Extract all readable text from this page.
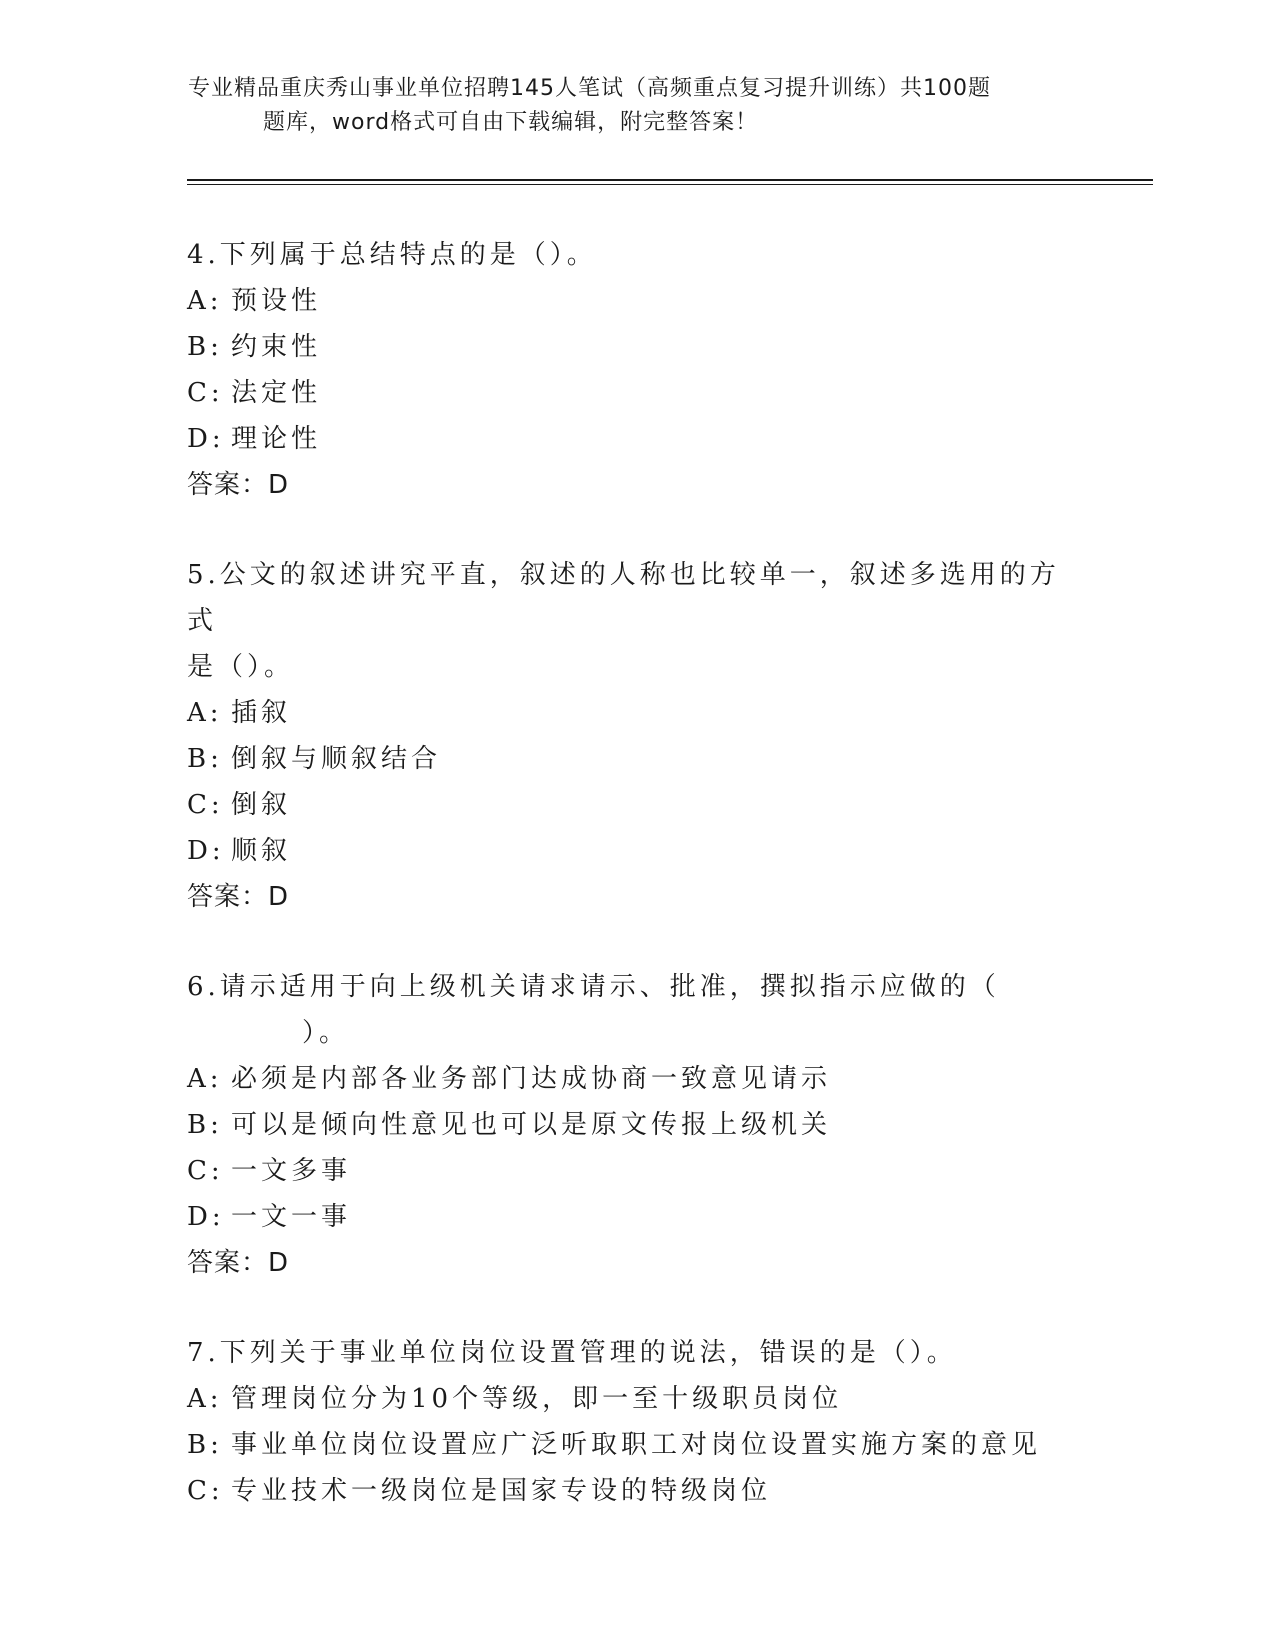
专业精品重庆秀山事业单位招聘145人笔试（高频重点复习提升训练）共100题
题库，word格式可自由下载编辑，附完整答案！
4.下列属于总结特点的是（）。
A: 预设性
B: 约束性
C: 法定性
D: 理论性
答案：D
5.公文的叙述讲究平直，叙述的人称也比较单一，叙述多选用的方式
是（）。
A: 插叙
B: 倒叙与顺叙结合
C: 倒叙
D: 顺叙
答案：D
6.请示适用于向上级机关请求请示、批准，撰拟指示应做的（
）。
A: 必须是内部各业务部门达成协商一致意见请示
B: 可以是倾向性意见也可以是原文传报上级机关
C: 一文多事
D: 一文一事
答案：D
7.下列关于事业单位岗位设置管理的说法，错误的是（）。
A: 管理岗位分为10个等级，即一至十级职员岗位
B: 事业单位岗位设置应广泛听取职工对岗位设置实施方案的意见
C: 专业技术一级岗位是国家专设的特级岗位
